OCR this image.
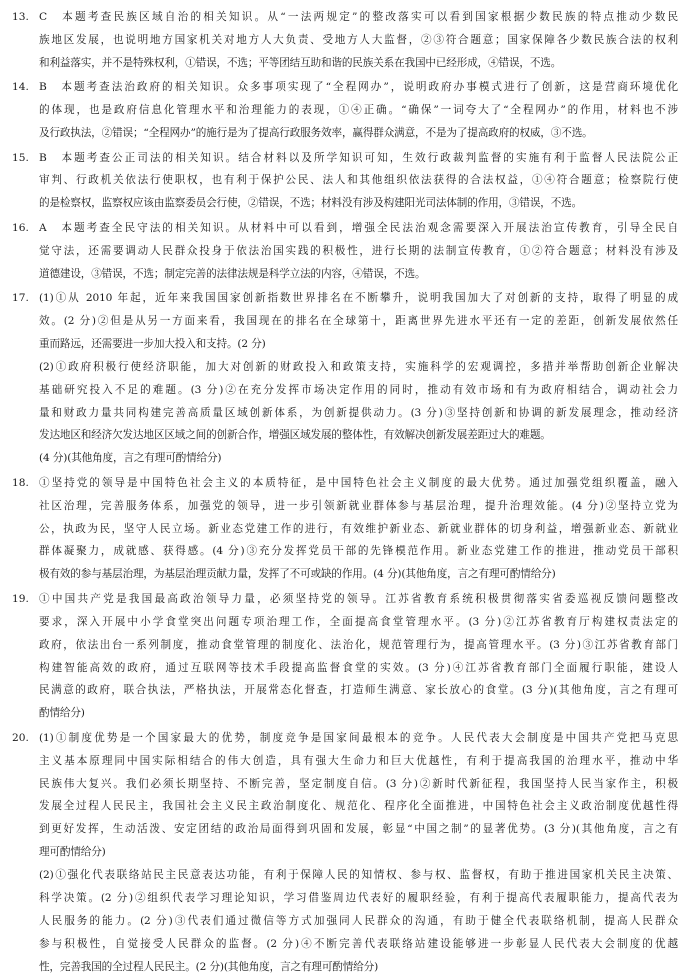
13. C　本题考查民族区域自治的相关知识。从“一法两规定”的整改落实可以看到国家根据少数民族的特点推动少数民
族地区发展，也说明地方国家机关对地方人大负责、受地方人大监督，②③符合题意；国家保障各少数民族合法的权利
和利益落实，并不是特殊权利，①错误，不选；平等团结互助和谐的民族关系在我国中已经形成，④错误，不选。
14. B　本题考查法治政府的相关知识。众多事项实现了“全程网办”，说明政府办事模式进行了创新，这是营商环境优化
的体现，也是政府信息化管理水平和治理能力的表现，①④正确。“确保”一词夸大了“全程网办”的作用，材料也不涉
及行政执法，②错误；“全程网办”的施行是为了提高行政服务效率，赢得群众满意，不是为了提高政府的权威，③不选。
15. B　本题考查公正司法的相关知识。结合材料以及所学知识可知，生效行政裁判监督的实施有利于监督人民法院公正
审判、行政机关依法行使职权，也有利于保护公民、法人和其他组织依法获得的合法权益，①④符合题意；检察院行使
的是检察权，监察权应该由监察委员会行使，②错误，不选；材料没有涉及构建阳光司法体制的作用，③错误，不选。
16. A　本题考查全民守法的相关知识。从材料中可以看到，增强全民法治观念需要深入开展法治宣传教育，引导全民自
觉守法，还需要调动人民群众投身于依法治国实践的积极性，进行长期的法制宣传教育，①②符合题意；材料没有涉及
道德建设，③错误，不选；制定完善的法律法规是科学立法的内容，④错误，不选。
17. (1)①从 2010 年起，近年来我国国家创新指数世界排名在不断攀升，说明我国加大了对创新的支持，取得了明显的成
效。(2 分)②但是从另一方面来看，我国现在的排名在全球第十，距离世界先进水平还有一定的差距，创新发展依然任
重而路远，还需要进一步加大投入和支持。(2 分)
(2)①政府积极行使经济职能，加大对创新的财政投入和政策支持，实施科学的宏观调控，多措并举帮助创新企业解决
基础研究投入不足的难题。(3 分)②在充分发挥市场决定作用的同时，推动有效市场和有为政府相结合，调动社会力
量和财政力量共同构建完善高质量区域创新体系，为创新提供动力。(3 分)③坚持创新和协调的新发展理念，推动经济
发达地区和经济欠发达地区区域之间的创新合作，增强区域发展的整体性，有效解决创新发展差距过大的难题。
(4 分)(其他角度，言之有理可酌情给分)
18. ①坚持党的领导是中国特色社会主义的本质特征，是中国特色社会主义制度的最大优势。通过加强党组织覆盖，融入
社区治理，完善服务体系，加强党的领导，进一步引领新就业群体参与基层治理，提升治理效能。(4 分)②坚持立党为
公，执政为民，坚守人民立场。新业态党建工作的进行，有效维护新业态、新就业群体的切身利益，增强新业态、新就业
群体凝聚力，成就感、获得感。(4 分)③充分发挥党员干部的先锋模范作用。新业态党建工作的推进，推动党员干部积
极有效的参与基层治理，为基层治理贡献力量，发挥了不可或缺的作用。(4 分)(其他角度，言之有理可酌情给分)
19. ①中国共产党是我国最高政治领导力量，必须坚持党的领导。江苏省教育系统积极贯彻落实省委巡视反馈问题整改
要求，深入开展中小学食堂突出问题专项治理工作，全面提高食堂管理水平。(3 分)②江苏省教育厅构建权责法定的
政府，依法出台一系列制度，推动食堂管理的制度化、法治化，规范管理行为，提高管理水平。(3 分)③江苏省教育部门
构建智能高效的政府，通过互联网等技术手段提高监督食堂的实效。(3 分)④江苏省教育部门全面履行职能，建设人
民满意的政府，联合执法，严格执法，开展常态化督查，打造师生满意、家长放心的食堂。(3 分)(其他角度，言之有理可
酌情给分)
20. (1)①制度优势是一个国家最大的优势，制度竞争是国家间最根本的竞争。人民代表大会制度是中国共产党把马克思
主义基本原理同中国实际相结合的伟大创造，具有强大生命力和巨大优越性，有利于提高我国的治理水平，推动中华
民族伟大复兴。我们必须长期坚持、不断完善，坚定制度自信。(3 分)②新时代新征程，我国坚持人民当家作主，积极
发展全过程人民民主，我国社会主义民主政治制度化、规范化、程序化全面推进，中国特色社会主义政治制度优越性得
到更好发挥，生动活泼、安定团结的政治局面得到巩固和发展，彰显“中国之制”的显著优势。(3 分)(其他角度，言之有
理可酌情给分)
(2)①强化代表联络站民主民意表达功能，有利于保障人民的知情权、参与权、监督权，有助于推进国家机关民主决策、
科学决策。(2 分)②组织代表学习理论知识，学习借鉴周边代表好的履职经验，有利于提高代表履职能力，提高代表为
人民服务的能力。(2 分)③代表们通过微信等方式加强同人民群众的沟通，有助于健全代表联络机制，提高人民群众
参与积极性，自觉接受人民群众的监督。(2 分)④不断完善代表联络站建设能够进一步彰显人民代表大会制度的优越
性，完善我国的全过程人民民主。(2 分)(其他角度，言之有理可酌情给分)
